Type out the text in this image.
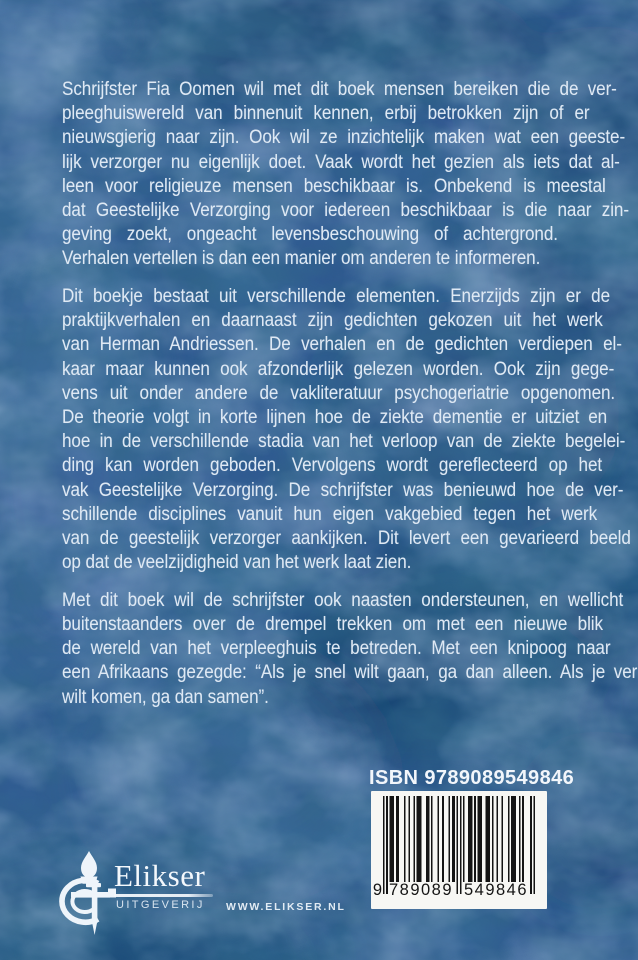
Schrijfster Fia Oomen wil met dit boek mensen bereiken die de ver-
pleeghuiswereld van binnenuit kennen, erbij betrokken zijn of er
nieuwsgierig naar zijn. Ook wil ze inzichtelijk maken wat een geeste-
lijk verzorger nu eigenlijk doet. Vaak wordt het gezien als iets dat al-
leen voor religieuze mensen beschikbaar is. Onbekend is meestal
dat Geestelijke Verzorging voor iedereen beschikbaar is die naar zin-
geving zoekt, ongeacht levensbeschouwing of achtergrond.
Verhalen vertellen is dan een manier om anderen te informeren.
Dit boekje bestaat uit verschillende elementen. Enerzijds zijn er de
praktijkverhalen en daarnaast zijn gedichten gekozen uit het werk
van Herman Andriessen. De verhalen en de gedichten verdiepen el-
kaar maar kunnen ook afzonderlijk gelezen worden. Ook zijn gege-
vens uit onder andere de vakliteratuur psychogeriatrie opgenomen.
De theorie volgt in korte lijnen hoe de ziekte dementie er uitziet en
hoe in de verschillende stadia van het verloop van de ziekte begelei-
ding kan worden geboden. Vervolgens wordt gereflecteerd op het
vak Geestelijke Verzorging. De schrijfster was benieuwd hoe de ver-
schillende disciplines vanuit hun eigen vakgebied tegen het werk
van de geestelijk verzorger aankijken. Dit levert een gevarieerd beeld
op dat de veelzijdigheid van het werk laat zien.
Met dit boek wil de schrijfster ook naasten ondersteunen, en wellicht
buitenstaanders over de drempel trekken om met een nieuwe blik
de wereld van het verpleeghuis te betreden. Met een knipoog naar
een Afrikaans gezegde: “Als je snel wilt gaan, ga dan alleen. Als je ver
wilt komen, ga dan samen”.
ISBN 9789089549846
9 789089 549846
Elikser
UITGEVERIJ WWW.ELIKSER.NL
